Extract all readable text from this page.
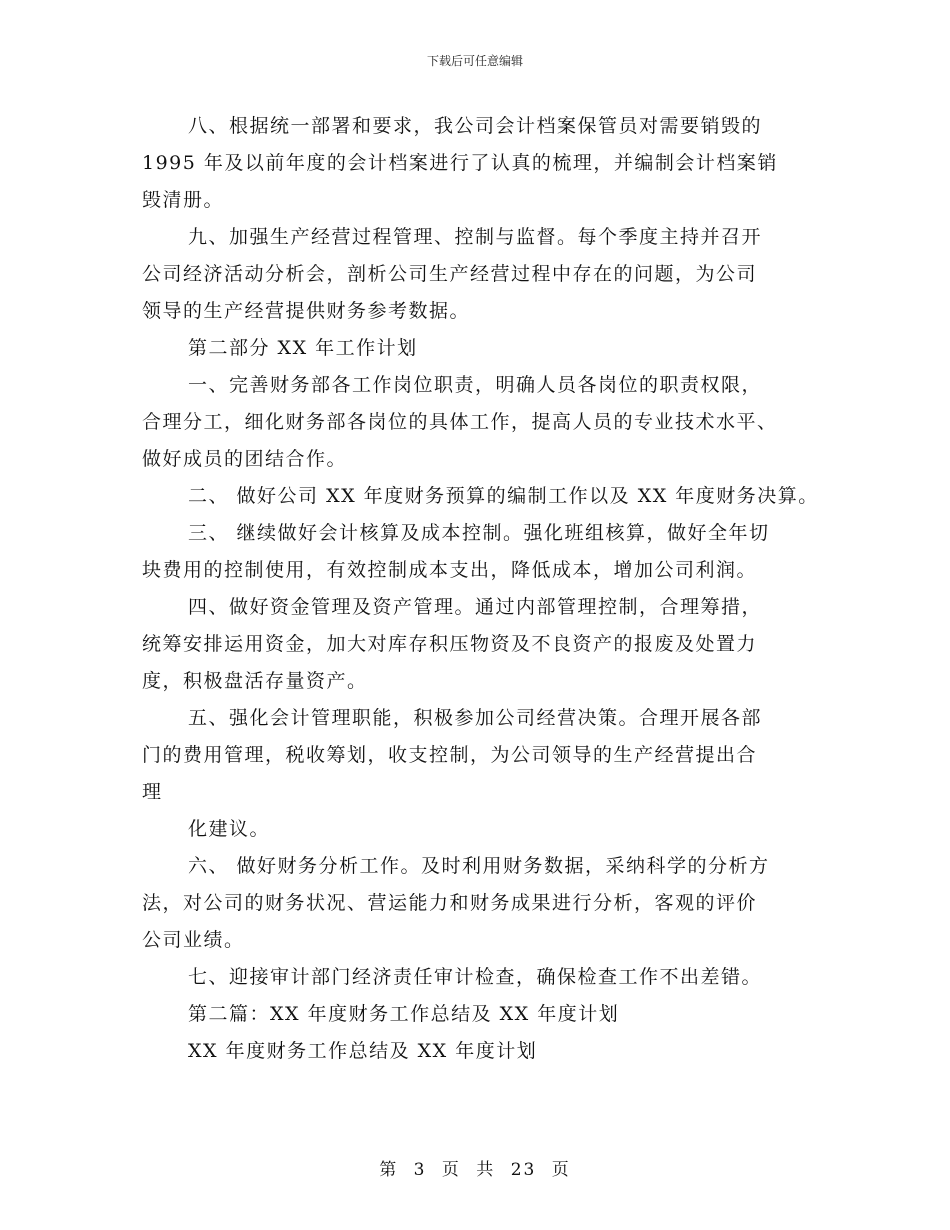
下载后可任意编辑
八、根据统一部署和要求，我公司会计档案保管员对需要销毁的
1995 年及以前年度的会计档案进行了认真的梳理，并编制会计档案销
毁清册。
九、加强生产经营过程管理、控制与监督。每个季度主持并召开
公司经济活动分析会，剖析公司生产经营过程中存在的问题，为公司
领导的生产经营提供财务参考数据。
第二部分 XX 年工作计划
一、完善财务部各工作岗位职责，明确人员各岗位的职责权限，
合理分工，细化财务部各岗位的具体工作，提高人员的专业技术水平、
做好成员的团结合作。
二、 做好公司 XX 年度财务预算的编制工作以及 XX 年度财务决算。
三、 继续做好会计核算及成本控制。强化班组核算，做好全年切
块费用的控制使用，有效控制成本支出，降低成本，增加公司利润。
四、做好资金管理及资产管理。通过内部管理控制，合理筹措，
统筹安排运用资金，加大对库存积压物资及不良资产的报废及处置力
度，积极盘活存量资产。
五、强化会计管理职能，积极参加公司经营决策。合理开展各部
门的费用管理，税收筹划，收支控制，为公司领导的生产经营提出合
理
化建议。
六、 做好财务分析工作。及时利用财务数据，采纳科学的分析方
法，对公司的财务状况、营运能力和财务成果进行分析，客观的评价
公司业绩。
七、迎接审计部门经济责任审计检查，确保检查工作不出差错。
第二篇：XX 年度财务工作总结及 XX 年度计划
XX 年度财务工作总结及 XX 年度计划
第 3 页 共 23 页
